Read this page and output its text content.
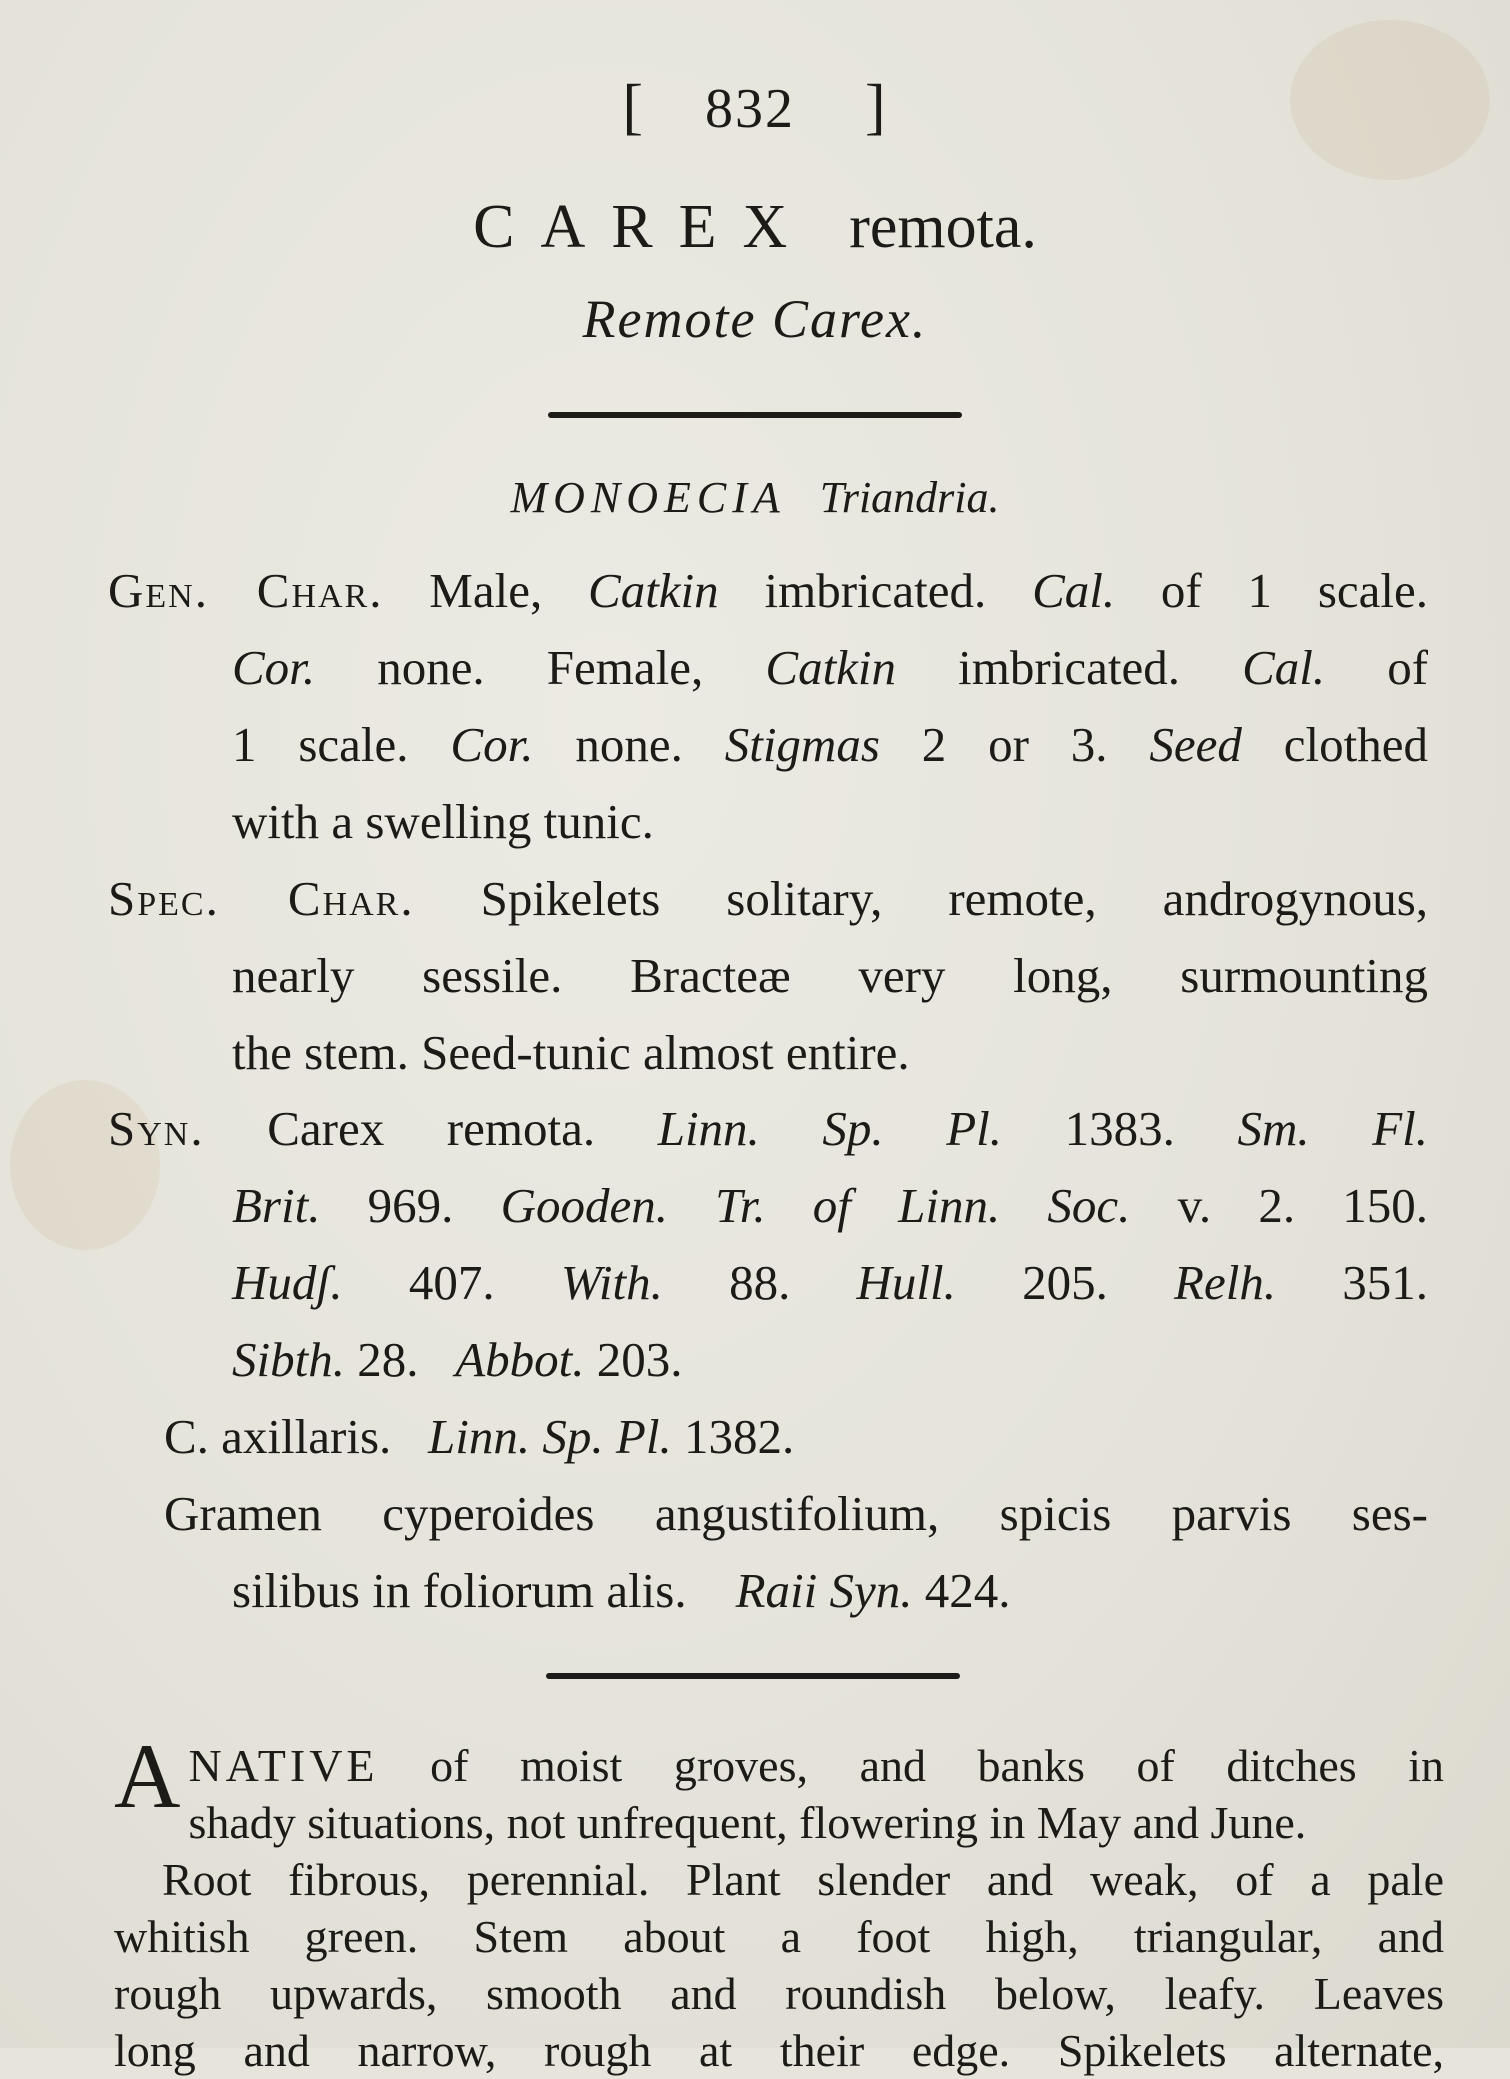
[ 832 ]
CAREX remota.
Remote Carex.
MONOECIA Triandria.
Gen. Char. Male, Catkin imbricated. Cal. of 1 scale.
Cor. none. Female, Catkin imbricated. Cal. of
1 scale. Cor. none. Stigmas 2 or 3. Seed clothed
with a swelling tunic.
Spec. Char. Spikelets solitary, remote, androgynous,
nearly sessile. Bracteæ very long, surmounting
the stem. Seed-tunic almost entire.
Syn. Carex remota. Linn. Sp. Pl. 1383. Sm. Fl.
Brit. 969. Gooden. Tr. of Linn. Soc. v. 2. 150.
Hudʃ. 407. With. 88. Hull. 205. Relh. 351.
Sibth. 28. Abbot. 203.
C. axillaris. Linn. Sp. Pl. 1382.
Gramen cyperoides angustifolium, spicis parvis ses-
silibus in foliorum alis. Raii Syn. 424.
A NATIVE of moist groves, and banks of ditches in
shady situations, not unfrequent, flowering in May and June.
Root fibrous, perennial. Plant slender and weak, of a pale
whitish green. Stem about a foot high, triangular, and
rough upwards, smooth and roundish below, leafy. Leaves
long and narrow, rough at their edge. Spikelets alternate,
